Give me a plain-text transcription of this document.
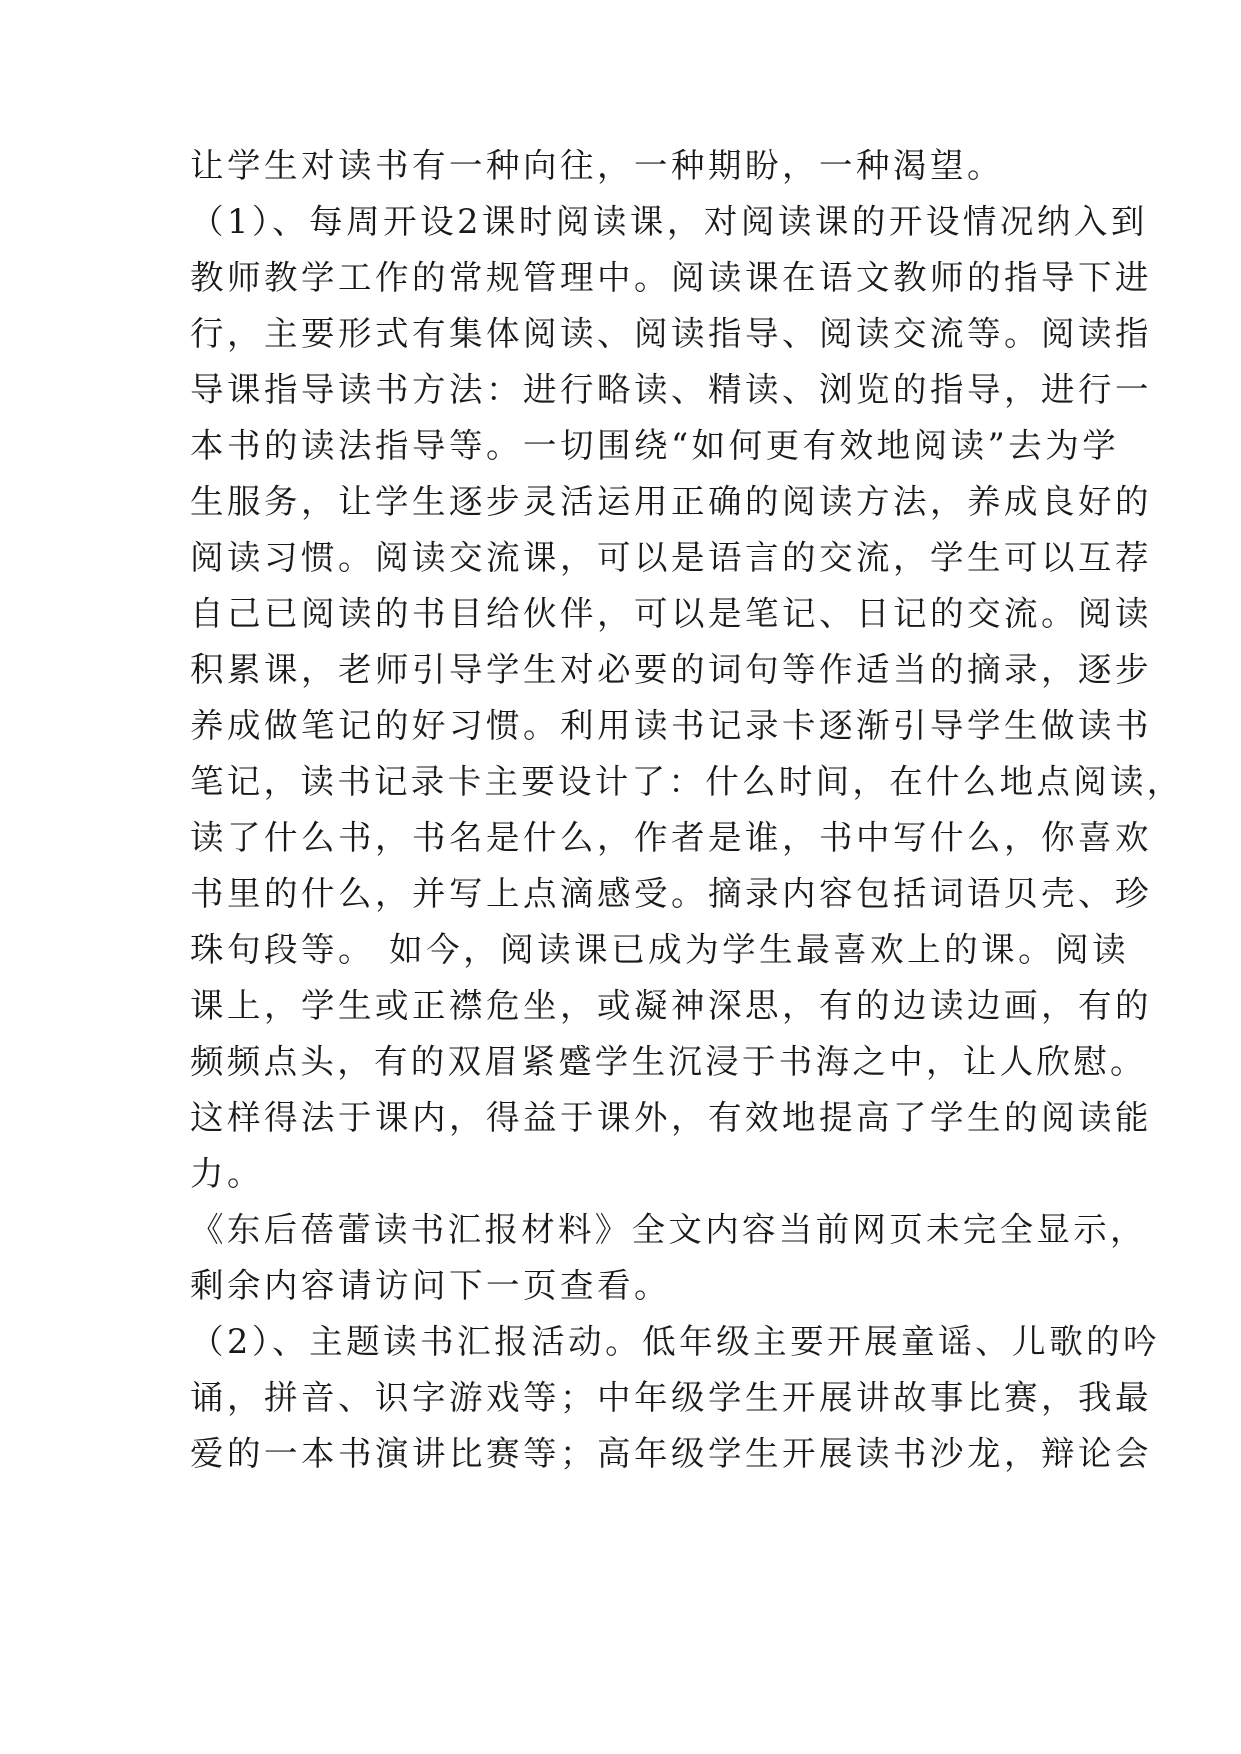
让学生对读书有一种向往，一种期盼，一种渴望。
（1）、每周开设2课时阅读课，对阅读课的开设情况纳入到
教师教学工作的常规管理中。阅读课在语文教师的指导下进
行，主要形式有集体阅读、阅读指导、阅读交流等。阅读指
导课指导读书方法：进行略读、精读、浏览的指导，进行一
本书的读法指导等。一切围绕“如何更有效地阅读”去为学
生服务，让学生逐步灵活运用正确的阅读方法，养成良好的
阅读习惯。阅读交流课，可以是语言的交流，学生可以互荐
自己已阅读的书目给伙伴，可以是笔记、日记的交流。阅读
积累课，老师引导学生对必要的词句等作适当的摘录，逐步
养成做笔记的好习惯。利用读书记录卡逐渐引导学生做读书
笔记，读书记录卡主要设计了：什么时间，在什么地点阅读，
读了什么书，书名是什么，作者是谁，书中写什么，你喜欢
书里的什么，并写上点滴感受。摘录内容包括词语贝壳、珍
珠句段等。 如今，阅读课已成为学生最喜欢上的课。阅读
课上，学生或正襟危坐，或凝神深思，有的边读边画，有的
频频点头，有的双眉紧蹙学生沉浸于书海之中，让人欣慰。
这样得法于课内，得益于课外，有效地提高了学生的阅读能
力。
《东后蓓蕾读书汇报材料》全文内容当前网页未完全显示，
剩余内容请访问下一页查看。
（2）、主题读书汇报活动。低年级主要开展童谣、儿歌的吟
诵，拼音、识字游戏等；中年级学生开展讲故事比赛，我最
爱的一本书演讲比赛等；高年级学生开展读书沙龙，辩论会
